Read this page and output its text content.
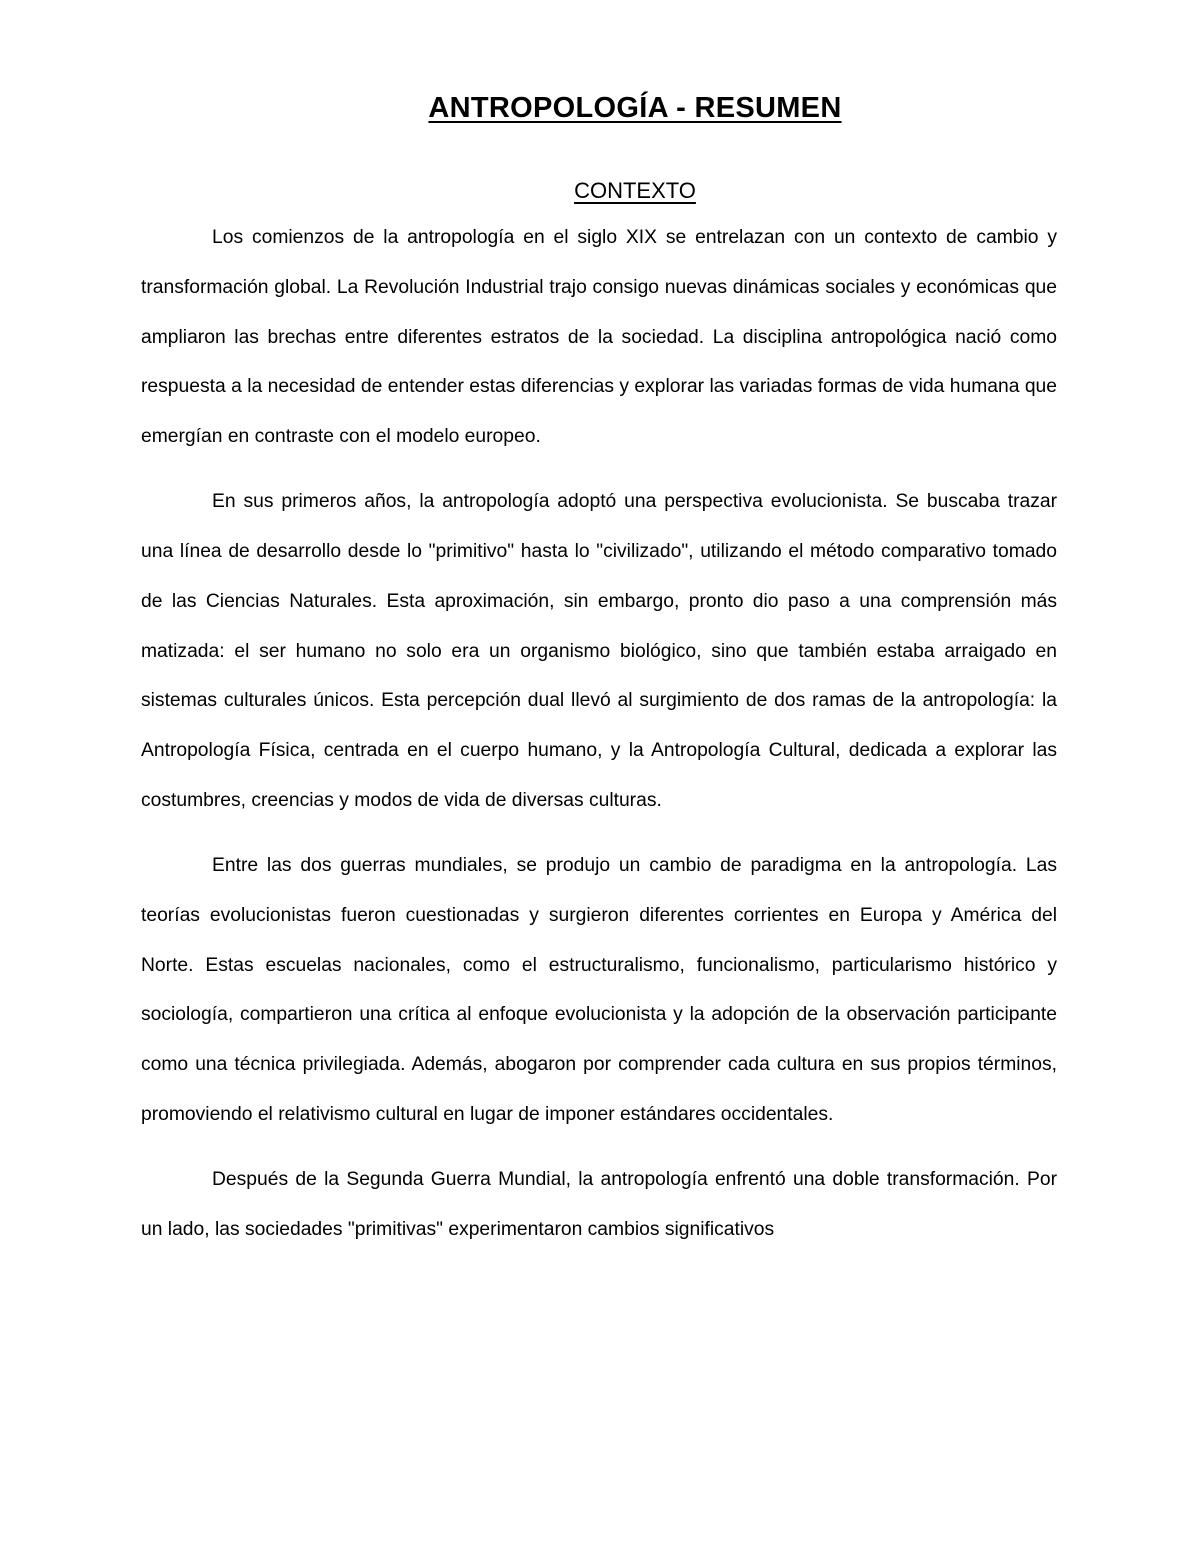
ANTROPOLOGÍA - RESUMEN
CONTEXTO

Los comienzos de la antropología en el siglo XIX se entrelazan con un contexto de cambio y transformación global. La Revolución Industrial trajo consigo nuevas dinámicas sociales y económicas que ampliaron las brechas entre diferentes estratos de la sociedad. La disciplina antropológica nació como respuesta a la necesidad de entender estas diferencias y explorar las variadas formas de vida humana que emergían en contraste con el modelo europeo.

En sus primeros años, la antropología adoptó una perspectiva evolucionista. Se buscaba trazar una línea de desarrollo desde lo "primitivo" hasta lo "civilizado", utilizando el método comparativo tomado de las Ciencias Naturales. Esta aproximación, sin embargo, pronto dio paso a una comprensión más matizada: el ser humano no solo era un organismo biológico, sino que también estaba arraigado en sistemas culturales únicos. Esta percepción dual llevó al surgimiento de dos ramas de la antropología: la Antropología Física, centrada en el cuerpo humano, y la Antropología Cultural, dedicada a explorar las costumbres, creencias y modos de vida de diversas culturas.

Entre las dos guerras mundiales, se produjo un cambio de paradigma en la antropología. Las teorías evolucionistas fueron cuestionadas y surgieron diferentes corrientes en Europa y América del Norte. Estas escuelas nacionales, como el estructuralismo, funcionalismo, particularismo histórico y sociología, compartieron una crítica al enfoque evolucionista y la adopción de la observación participante como una técnica privilegiada. Además, abogaron por comprender cada cultura en sus propios términos, promoviendo el relativismo cultural en lugar de imponer estándares occidentales.

Después de la Segunda Guerra Mundial, la antropología enfrentó una doble transformación. Por un lado, las sociedades "primitivas" experimentaron cambios significativos
